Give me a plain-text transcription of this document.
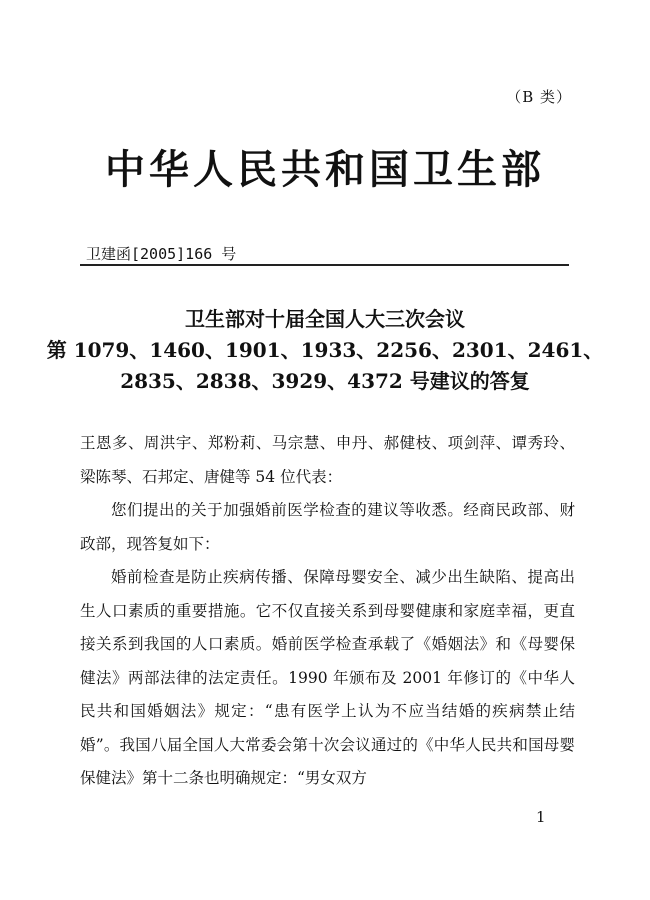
（B 类）
中华人民共和国卫生部
卫建函[2005]166 号
卫生部对十届全国人大三次会议
第 1079、1460、1901、1933、2256、2301、2461、
2835、2838、3929、4372 号建议的答复

王恩多、周洪宇、郑粉莉、马宗慧、申丹、郝健枝、项剑萍、谭秀玲、梁陈琴、石邦定、唐健等 54 位代表：

您们提出的关于加强婚前医学检查的建议等收悉。经商民政部、财政部，现答复如下：

婚前检查是防止疾病传播、保障母婴安全、减少出生缺陷、提高出生人口素质的重要措施。它不仅直接关系到母婴健康和家庭幸福，更直接关系到我国的人口素质。婚前医学检查承载了《婚姻法》和《母婴保健法》两部法律的法定责任。1990 年颁布及 2001 年修订的《中华人民共和国婚姻法》规定：“患有医学上认为不应当结婚的疾病禁止结婚”。我国八届全国人大常委会第十次会议通过的《中华人民共和国母婴保健法》第十二条也明确规定：“男女双方

1
